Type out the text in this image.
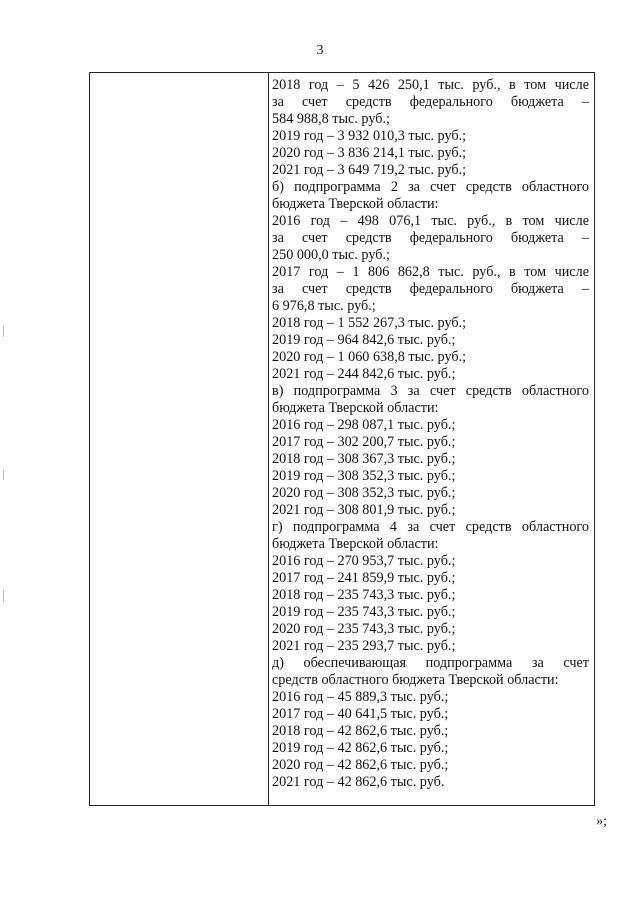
3
2018 год – 5 426 250,1 тыс. руб., в том числе
за счет средств федерального бюджета –
584 988,8 тыс. руб.;
2019 год – 3 932 010,3 тыс. руб.;
2020 год – 3 836 214,1 тыс. руб.;
2021 год – 3 649 719,2 тыс. руб.;
б) подпрограмма 2 за счет средств областного
бюджета Тверской области:
2016 год – 498 076,1 тыс. руб., в том числе
за счет средств федерального бюджета –
250 000,0 тыс. руб.;
2017 год – 1 806 862,8 тыс. руб., в том числе
за счет средств федерального бюджета –
6 976,8 тыс. руб.;
2018 год – 1 552 267,3 тыс. руб.;
2019 год – 964 842,6 тыс. руб.;
2020 год – 1 060 638,8 тыс. руб.;
2021 год – 244 842,6 тыс. руб.;
в) подпрограмма 3 за счет средств областного
бюджета Тверской области:
2016 год – 298 087,1 тыс. руб.;
2017 год – 302 200,7 тыс. руб.;
2018 год – 308 367,3 тыс. руб.;
2019 год – 308 352,3 тыс. руб.;
2020 год – 308 352,3 тыс. руб.;
2021 год – 308 801,9 тыс. руб.;
г) подпрограмма 4 за счет средств областного
бюджета Тверской области:
2016 год – 270 953,7 тыс. руб.;
2017 год – 241 859,9 тыс. руб.;
2018 год – 235 743,3 тыс. руб.;
2019 год – 235 743,3 тыс. руб.;
2020 год – 235 743,3 тыс. руб.;
2021 год – 235 293,7 тыс. руб.;
д) обеспечивающая подпрограмма за счет
средств областного бюджета Тверской области:
2016 год – 45 889,3 тыс. руб.;
2017 год – 40 641,5 тыс. руб.;
2018 год – 42 862,6 тыс. руб.;
2019 год – 42 862,6 тыс. руб.;
2020 год – 42 862,6 тыс. руб.;
2021 год – 42 862,6 тыс. руб.
»;
